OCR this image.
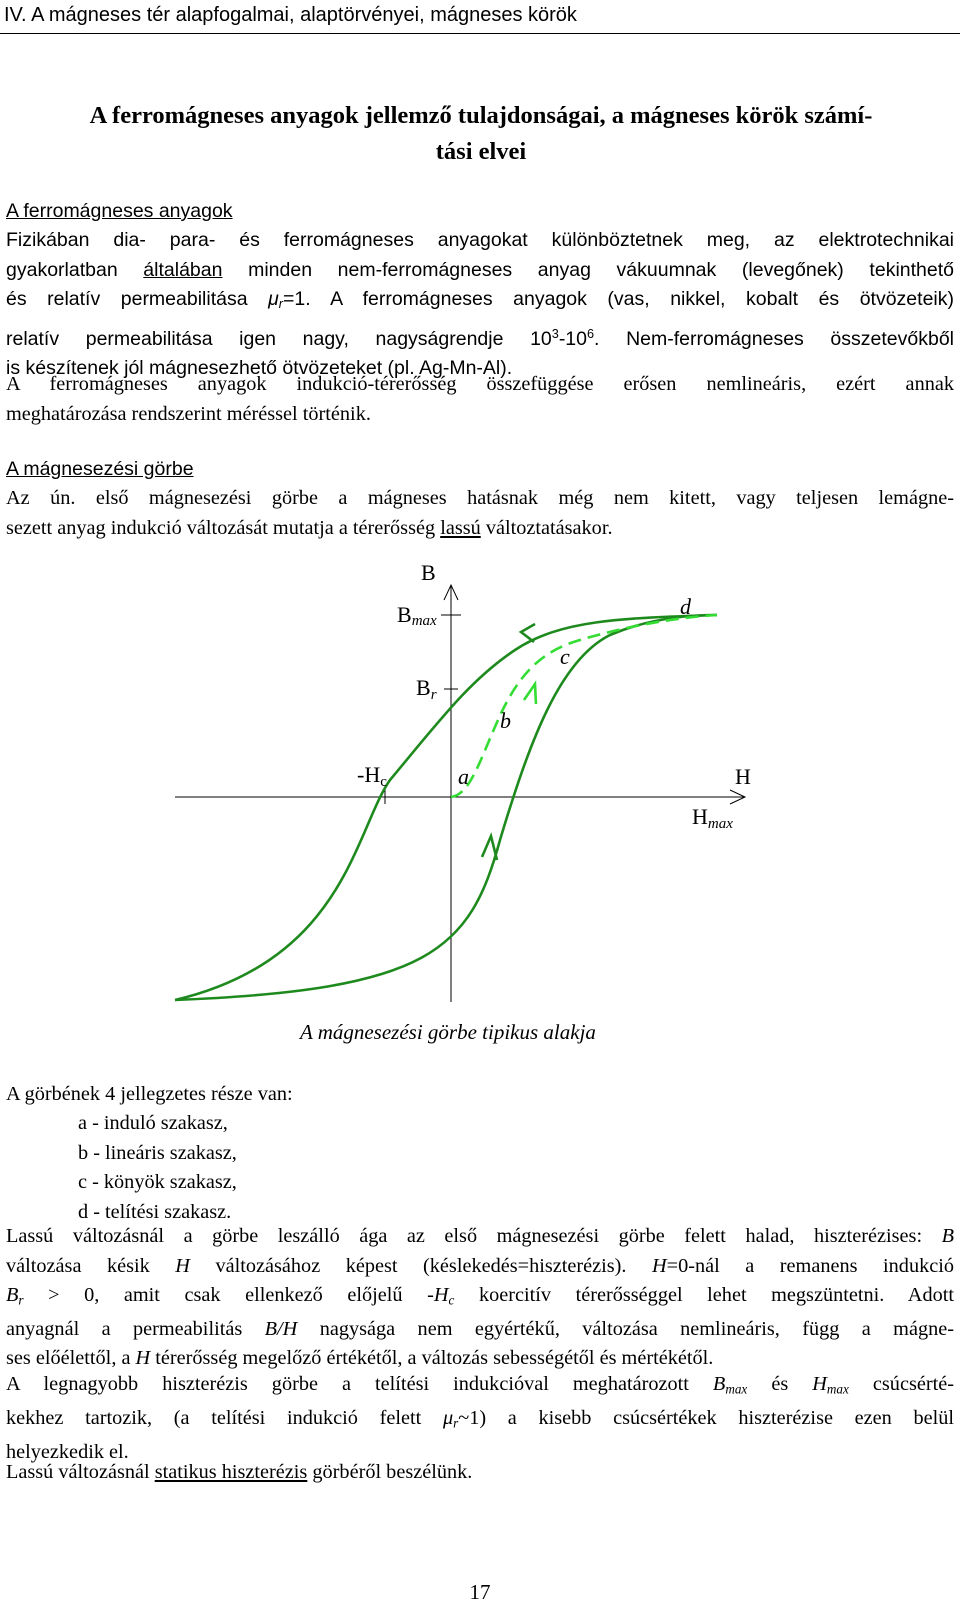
IV. A mágneses tér alapfogalmai, alaptörvényei, mágneses körök
A ferromágneses anyagok jellemző tulajdonságai, a mágneses körök számí-
tási elvei
A ferromágneses anyagok
Fizikában dia- para- és ferromágneses anyagokat különböztetnek meg, az elektrotechnikai
gyakorlatban általában minden nem-ferromágneses anyag vákuumnak (levegőnek) tekinthető
és relatív permeabilitása $\mu_r=1$. A ferromágneses anyagok (vas, nikkel, kobalt és ötvözeteik)
relatív permeabilitása igen nagy, nagyságrendje $10^3-10^6$. Nem-ferromágneses összetevőkből
is készítenek jól mágnesezhető ötvözeteket (pl. Ag-Mn-Al).
A ferromágneses anyagok indukció-térerősség összefüggése erősen nemlineáris, ezért annak
meghatározása rendszerint méréssel történik.
A mágnesezési görbe
Az ún. első mágnesezési görbe a mágneses hatásnak még nem kitett, vagy teljesen lemágne-
sezett anyag indukció változását mutatja a térerősség lassú változtatásakor.
B
Bmax
Br
-Hc	H
Hmax
a
b
c
d
A mágnesezési görbe tipikus alakja
A görbének 4 jellegzetes része van:
a - induló szakasz,
b - lineáris szakasz,
c - könyök szakasz,
d - telítési szakasz.
Lassú változásnál a görbe leszálló ága az első mágnesezési görbe felett halad, hiszterézises: B
változása késik H változásához képest (késlekedés=hiszterézis). H=0-nál a remanens indukció
$B_r > 0$, amit csak ellenkező előjelű $-H_c$ koercitív térerősséggel lehet megszüntetni. Adott
anyagnál a permeabilitás B/H nagysága nem egyértékű, változása nemlineáris, függ a mágne-
ses előélettől, a H térerősség megelőző értékétől, a változás sebességétől és mértékétől.
A legnagyobb hiszterézis görbe a telítési indukcióval meghatározott $B_{max}$ és $H_{max}$ csúcsérté-
kekhez tartozik, (a telítési indukció felett $\mu_r\sim 1$) a kisebb csúcsértékek hiszterézise ezen belül
helyezkedik el.
Lassú változásnál statikus hiszterézis görbéről beszélünk.
17
